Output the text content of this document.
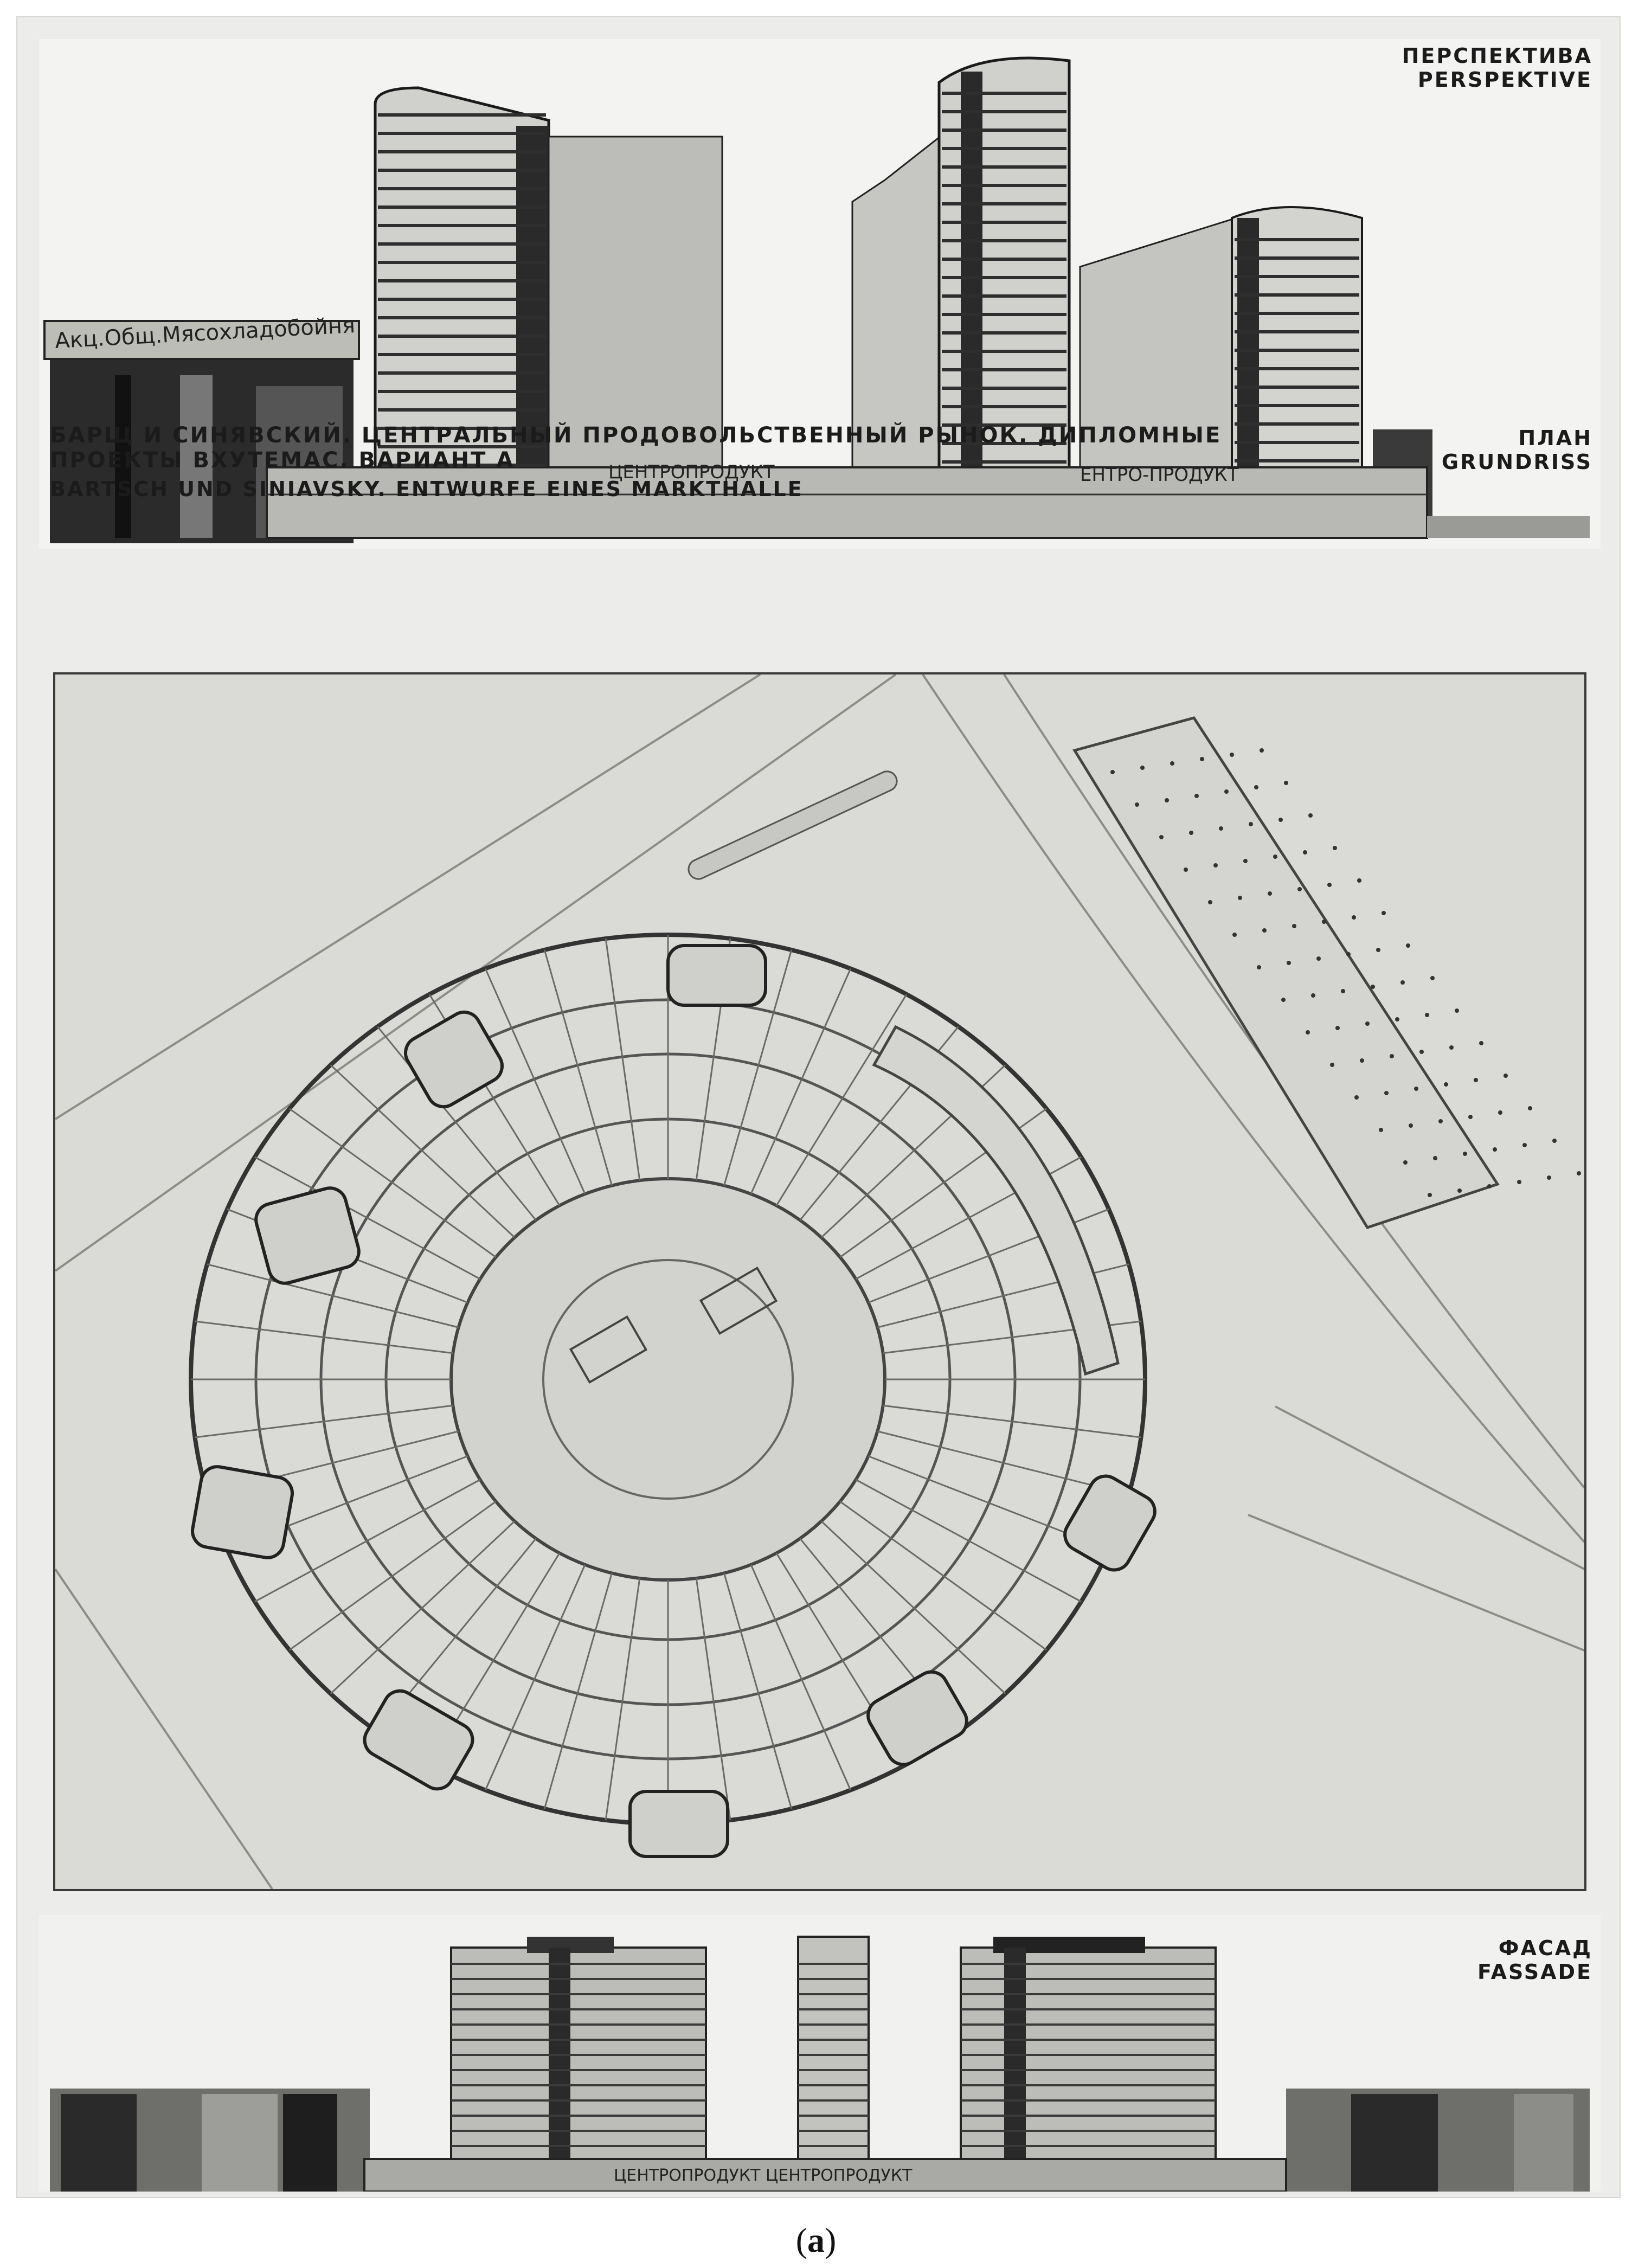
Акц.Общ.Мясохладобойня
ЦЕНТРОПРОДУКТ	ЕНТРО-ПРОДУКТ
ПЕРСПЕКТИВА
PERSPEKTIVE
БАРЩ И СИНЯВСКИЙ. ЦЕНТРАЛЬНЫЙ ПРОДОВОЛЬСТВЕННЫЙ РЫНОК. ДИПЛОМНЫЕ ПРОЕКТЫ ВХУТЕМАС. ВАРИАНТ А
BARTSCH UND SINIAVSKY. ENTWURFE EINES MARKTHALLE
ПЛАН
GRUNDRISS
ЦЕНТРОПРОДУКТ ЦЕНТРОПРОДУКТ
ФАСАД
FASSADE
(a)
